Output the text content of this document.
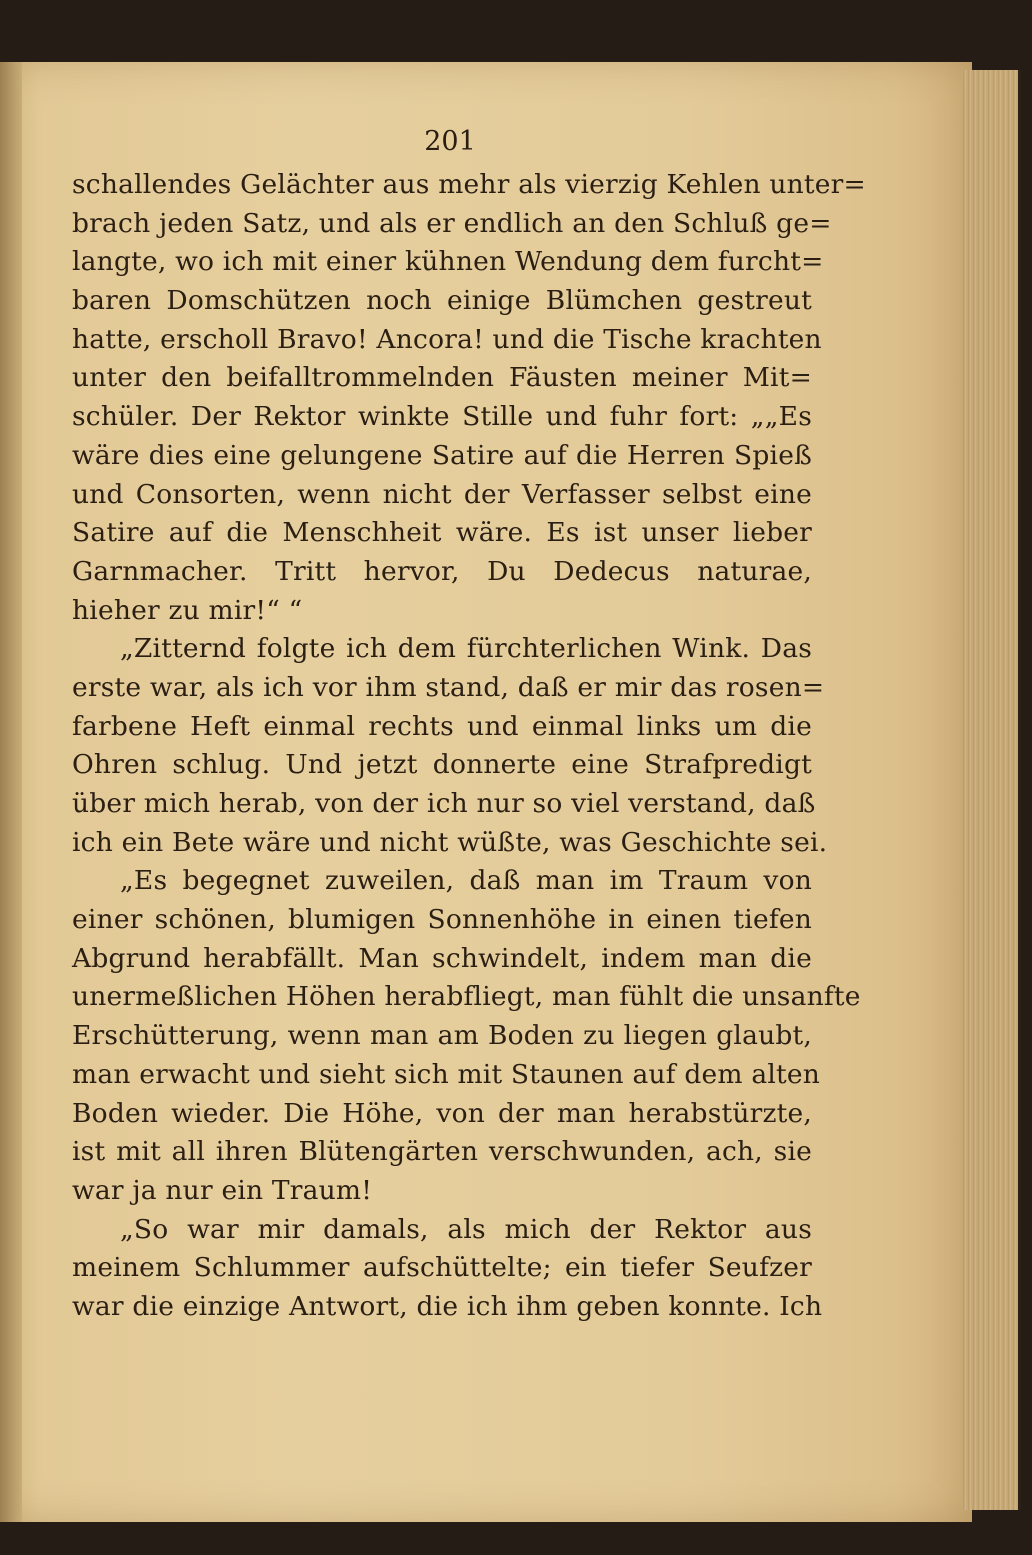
201
schallendes Gelächter aus mehr als vierzig Kehlen unter=
brach jeden Satz, und als er endlich an den Schluß ge=
langte, wo ich mit einer kühnen Wendung dem furcht=
baren Domschützen noch einige Blümchen gestreut
hatte, erscholl Bravo! Ancora! und die Tische krachten
unter den beifalltrommelnden Fäusten meiner Mit=
schüler. Der Rektor winkte Stille und fuhr fort: „„Es
wäre dies eine gelungene Satire auf die Herren Spieß
und Consorten, wenn nicht der Verfasser selbst eine
Satire auf die Menschheit wäre. Es ist unser lieber
Garnmacher. Tritt hervor, Du Dedecus naturae,
hieher zu mir!“ “
„Zitternd folgte ich dem fürchterlichen Wink. Das
erste war, als ich vor ihm stand, daß er mir das rosen=
farbene Heft einmal rechts und einmal links um die
Ohren schlug. Und jetzt donnerte eine Strafpredigt
über mich herab, von der ich nur so viel verstand, daß
ich ein Bete wäre und nicht wüßte, was Geschichte sei.
„Es begegnet zuweilen, daß man im Traum von
einer schönen, blumigen Sonnenhöhe in einen tiefen
Abgrund herabfällt. Man schwindelt, indem man die
unermeßlichen Höhen herabfliegt, man fühlt die unsanfte
Erschütterung, wenn man am Boden zu liegen glaubt,
man erwacht und sieht sich mit Staunen auf dem alten
Boden wieder. Die Höhe, von der man herabstürzte,
ist mit all ihren Blütengärten verschwunden, ach, sie
war ja nur ein Traum!
„So war mir damals, als mich der Rektor aus
meinem Schlummer aufschüttelte; ein tiefer Seufzer
war die einzige Antwort, die ich ihm geben konnte. Ich
